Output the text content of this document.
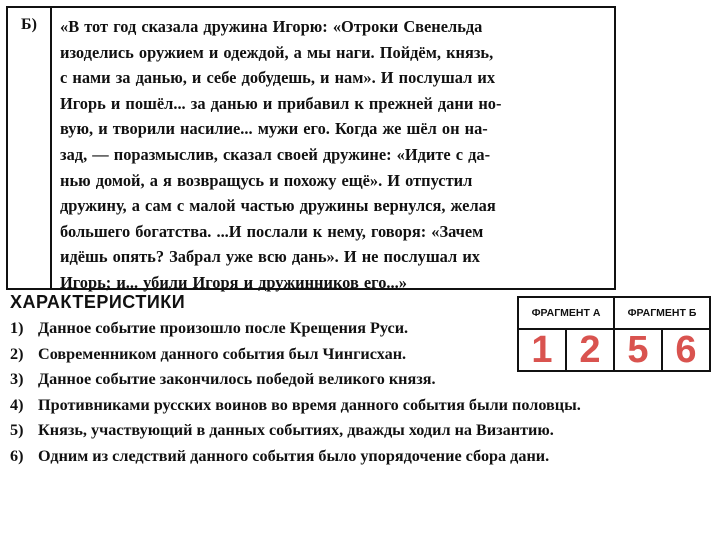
Б)	«В тот год сказала дружина Игорю: «Отроки Свенельда
изоделись оружием и одеждой, а мы наги. Пойдём, князь,
с нами за данью, и себе добудешь, и нам». И послушал их
Игорь и пошёл... за данью и прибавил к прежней дани но-
вую, и творили насилие... мужи его. Когда же шёл он на-
зад, — поразмыслив, сказал своей дружине: «Идите с да-
нью домой, а я возвращусь и похожу ещё». И отпустил
дружину, а сам с малой частью дружины вернулся, желая
большего богатства. ...И послали к нему, говоря: «Зачем
идёшь опять? Забрал уже всю дань». И не послушал их
Игорь; и... убили Игоря и дружинников его...»
ХАРАКТЕРИСТИКИ
ФРАГМЕНТ А		ФРАГМЕНТ Б	
1	2	5	6
1) Данное событие произошло после Крещения Руси.
2) Современником данного события был Чингисхан.
3) Данное событие закончилось победой великого князя.
4) Противниками русских воинов во время данного события были половцы.
5) Князь, участвующий в данных событиях, дважды ходил на Византию.
6) Одним из следствий данного события было упорядочение сбора дани.
